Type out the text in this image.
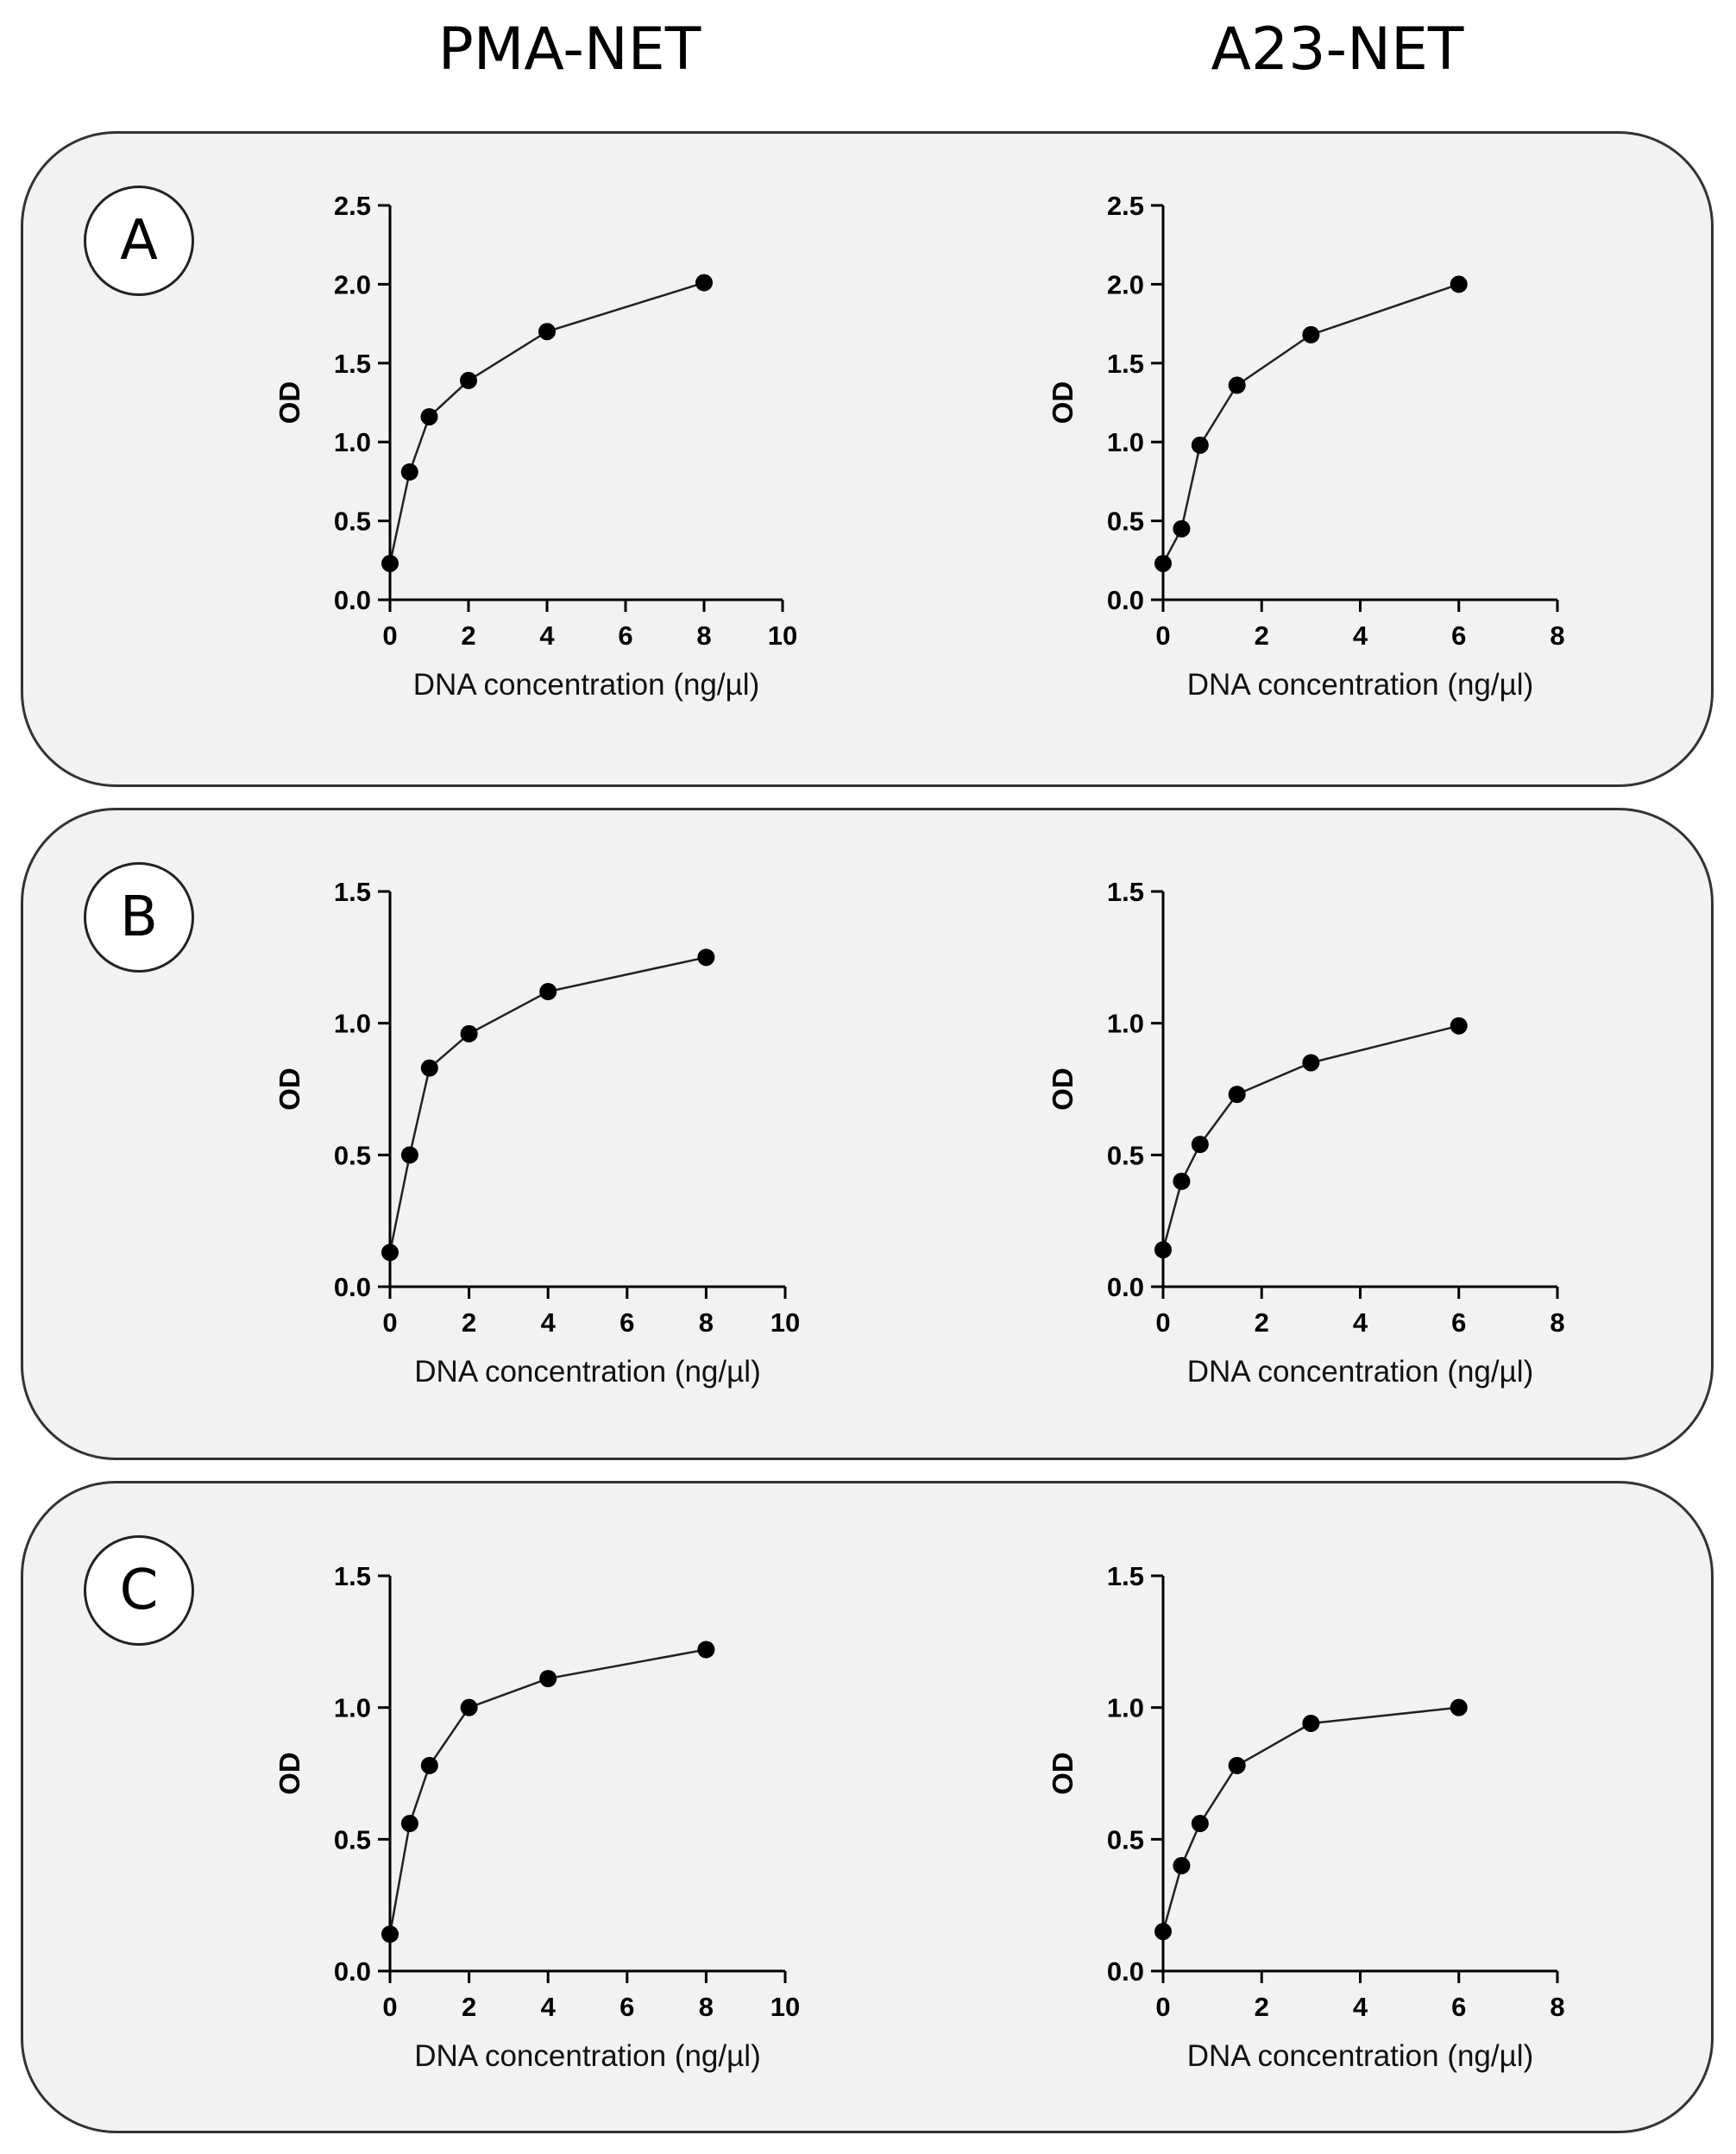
PMA-NET	A23-NET
A
B
C
0.0
0.5
1.0
1.5
2.0
2.5
0 2 4 6 8 10
DNA concentration (ng/µl)
OD
0.0
0.5
1.0
1.5
2.0
2.5
0	2	4	6	8
DNA concentration (ng/µl)
OD
0.0
0.5
1.0
1.5
0 2 4 6 8 10
DNA concentration (ng/µl)
OD
0.0
0.5
1.0
1.5
0	2	4	6	8
DNA concentration (ng/µl)
OD
0.0
0.5
1.0
1.5
0 2 4 6 8 10
DNA concentration (ng/µl)
OD
0.0
0.5
1.0
1.5
0	2	4	6	8
DNA concentration (ng/µl)
OD
